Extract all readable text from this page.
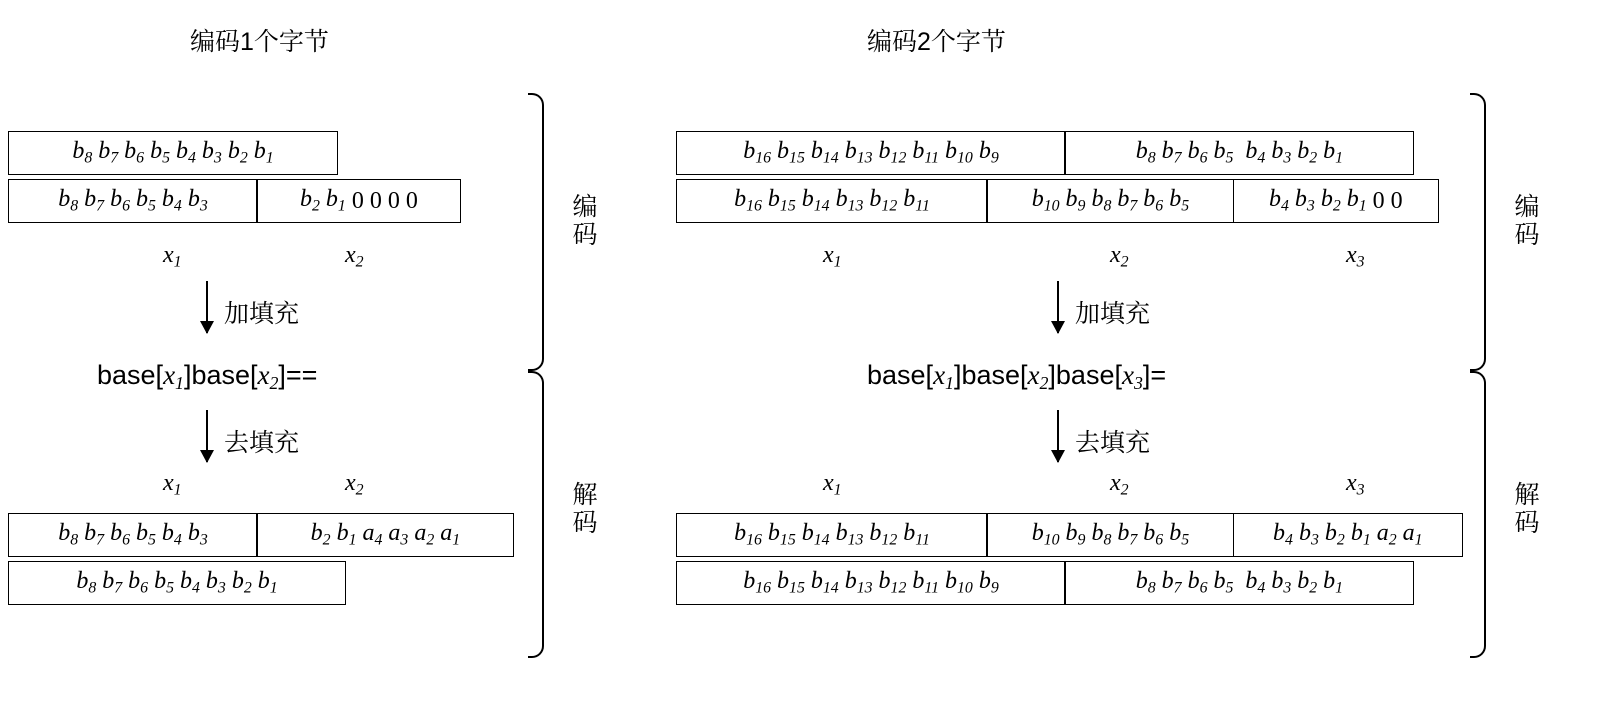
编码1个字节
$b_8$ $b_7$ $b_6$ $b_5$ $b_4$ $b_3$ $b_2$ $b_1$
$b_8$ $b_7$ $b_6$ $b_5$ $b_4$ $b_3$	$b_2$ $b_1$ 0 0 0 0
$x_1$	$x_2$
加填充
$base[x_1]base[x_2]==$
去填充
$x_1$	$x_2$
$b_8$ $b_7$ $b_6$ $b_5$ $b_4$ $b_3$	$b_2$ $b_1$ $a_4$ $a_3$ $a_2$ $a_1$
$b_8$ $b_7$ $b_6$ $b_5$ $b_4$ $b_3$ $b_2$ $b_1$
编码
解码
编码2个字节
$b_{16}$ $b_{15}$ $b_{14}$ $b_{13}$ $b_{12}$ $b_{11}$ $b_{10}$ $b_9$	$b_8$ $b_7$ $b_6$ $b_5$ $b_4$ $b_3$ $b_2$ $b_1$
$b_{16}$ $b_{15}$ $b_{14}$ $b_{13}$ $b_{12}$ $b_{11}$	$b_{10}$ $b_9$ $b_8$ $b_7$ $b_6$ $b_5$	$b_4$ $b_3$ $b_2$ $b_1$ 0 0
$x_1$	$x_2$	$x_3$
加填充
$base[x_1]base[x_2]base[x_3]=$
去填充
$x_1$	$x_2$	$x_3$
$b_{16}$ $b_{15}$ $b_{14}$ $b_{13}$ $b_{12}$ $b_{11}$	$b_{10}$ $b_9$ $b_8$ $b_7$ $b_6$ $b_5$	$b_4$ $b_3$ $b_2$ $b_1$ $a_2$ $a_1$
$b_{16}$ $b_{15}$ $b_{14}$ $b_{13}$ $b_{12}$ $b_{11}$ $b_{10}$ $b_9$	$b_8$ $b_7$ $b_6$ $b_5$ $b_4$ $b_3$ $b_2$ $b_1$
编码
解码
